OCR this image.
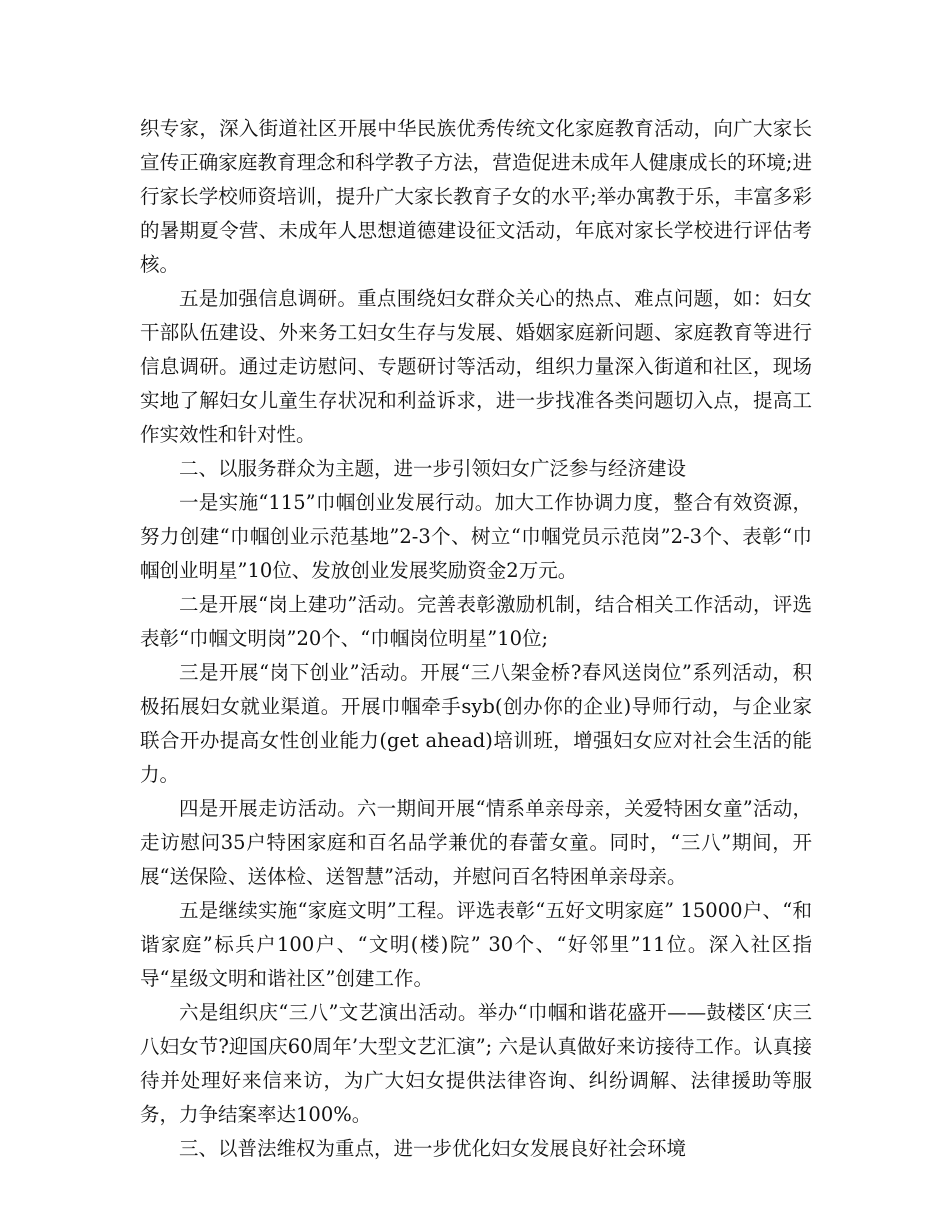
织专家，深入街道社区开展中华民族优秀传统文化家庭教育活动，向广大家长宣传正确家庭教育理念和科学教子方法，营造促进未成年人健康成长的环境;进行家长学校师资培训，提升广大家长教育子女的水平;举办寓教于乐，丰富多彩的暑期夏令营、未成年人思想道德建设征文活动，年底对家长学校进行评估考核。

五是加强信息调研。重点围绕妇女群众关心的热点、难点问题，如：妇女干部队伍建设、外来务工妇女生存与发展、婚姻家庭新问题、家庭教育等进行信息调研。通过走访慰问、专题研讨等活动，组织力量深入街道和社区，现场实地了解妇女儿童生存状况和利益诉求，进一步找准各类问题切入点，提高工作实效性和针对性。

二、以服务群众为主题，进一步引领妇女广泛参与经济建设

一是实施“115”巾帼创业发展行动。加大工作协调力度，整合有效资源，努力创建“巾帼创业示范基地”2-3个、树立“巾帼党员示范岗”2-3个、表彰“巾帼创业明星”10位、发放创业发展奖励资金2万元。

二是开展“岗上建功”活动。完善表彰激励机制，结合相关工作活动，评选表彰“巾帼文明岗”20个、“巾帼岗位明星”10位;

三是开展“岗下创业”活动。开展“三八架金桥?春风送岗位”系列活动，积极拓展妇女就业渠道。开展巾帼牵手syb(创办你的企业)导师行动，与企业家联合开办提高女性创业能力(get ahead)培训班，增强妇女应对社会生活的能力。

四是开展走访活动。六一期间开展“情系单亲母亲，关爱特困女童”活动，走访慰问35户特困家庭和百名品学兼优的春蕾女童。同时，“三八”期间，开展“送保险、送体检、送智慧”活动，并慰问百名特困单亲母亲。

五是继续实施“家庭文明”工程。评选表彰“五好文明家庭” 15000户、“和谐家庭”标兵户100户、“文明(楼)院” 30个、“好邻里”11位。深入社区指导“星级文明和谐社区”创建工作。

六是组织庆“三八”文艺演出活动。举办“巾帼和谐花盛开——鼓楼区‘庆三八妇女节?迎国庆60周年’大型文艺汇演”; 六是认真做好来访接待工作。认真接待并处理好来信来访，为广大妇女提供法律咨询、纠纷调解、法律援助等服务，力争结案率达100%。

三、以普法维权为重点，进一步优化妇女发展良好社会环境
